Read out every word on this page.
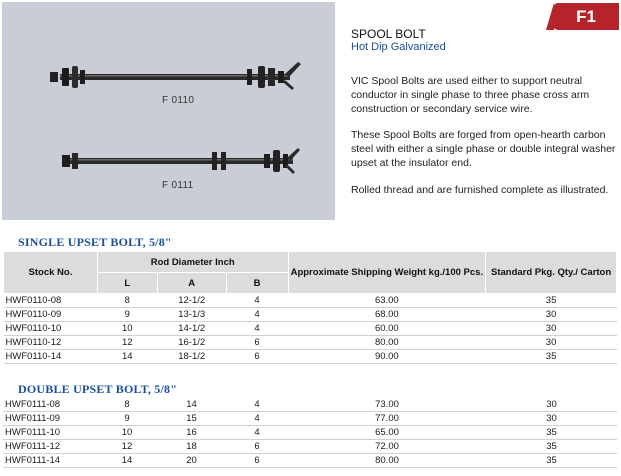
F 0110
F 0111
F1
SPOOL BOLT
Hot Dip Galvanized

VIC Spool Bolts are used either to support neutral conductor in single phase to three phase cross arm construction or secondary service wire.

These Spool Bolts are forged from open-hearth carbon steel with either a single phase or double integral washer upset at the insulator end.

Rolled thread and are furnished complete as illustrated.

SINGLE UPSET BOLT, 5/8"
Stock No.	Rod Diameter Inch			Approximate Shipping Weight kg./100 Pcs.	Standard Pkg. Qty./ Carton
	L	A	B		
HWF0110-08	8	12-1/2	4	63.00	35
HWF0110-09	9	13-1/3	4	68.00	30
HWF0110-10	10	14-1/2	4	60.00	30
HWF0110-12	12	16-1/2	6	80.00	30
HWF0110-14	14	18-1/2	6	90.00	35
DOUBLE UPSET BOLT, 5/8"
HWF0111-08	8	14	4	73.00	30
HWF0111-09	9	15	4	77.00	30
HWF0111-10	10	16	4	65.00	35
HWF0111-12	12	18	6	72.00	35
HWF0111-14	14	20	6	80.00	35
